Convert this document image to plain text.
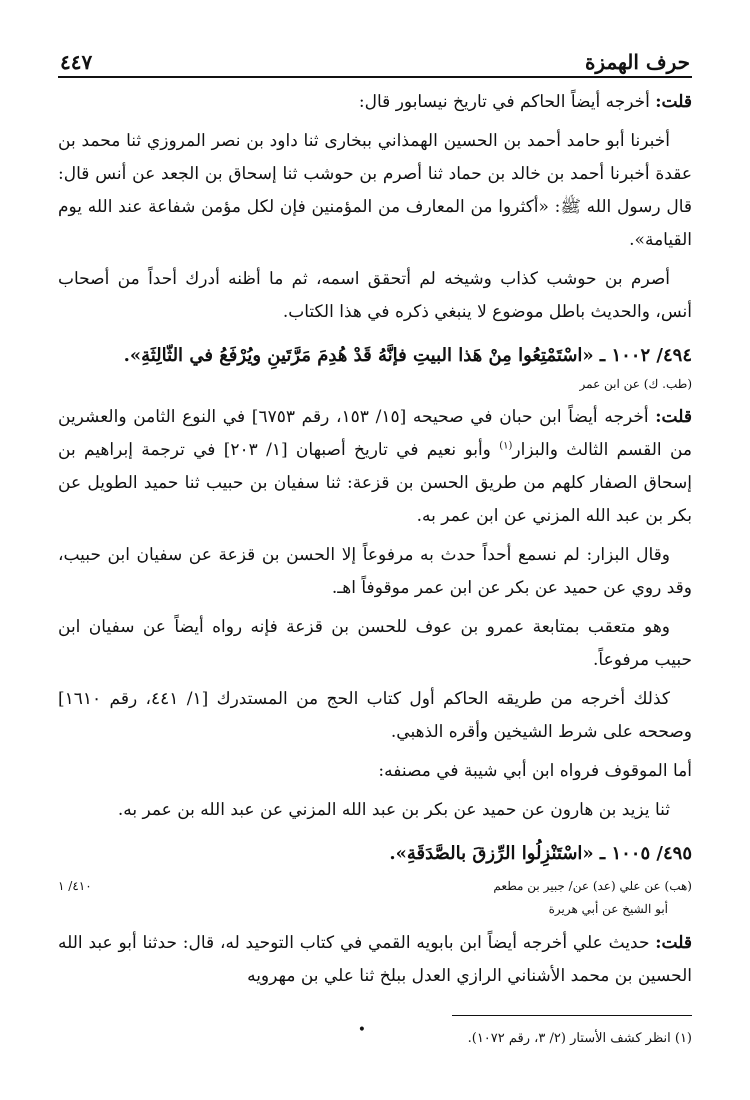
حرف الهمزة
٤٤٧

قلت: أخرجه أيضاً الحاكم في تاريخ نيسابور قال:

أخبرنا أبو حامد أحمد بن الحسين الهمذاني ببخارى ثنا داود بن نصر المروزي ثنا محمد بن عقدة أخبرنا أحمد بن خالد بن حماد ثنا أصرم بن حوشب ثنا إسحاق بن الجعد عن أنس قال: قال رسول الله ﷺ: «أكثروا من المعارف من المؤمنين فإن لكل مؤمن شفاعة عند الله يوم القيامة».

أصرم بن حوشب كذاب وشيخه لم أتحقق اسمه، ثم ما أظنه أدرك أحداً من أصحاب أنس، والحديث باطل موضوع لا ينبغي ذكره في هذا الكتاب.

٤٩٤/ ١٠٠٢ ـ «اسْتَمْتِعُوا مِنْ هَذا البيتِ فإنَّهُ قَدْ هُدِمَ مَرَّتَينِ ويُرْفَعُ في الثّالِثَةِ».

(طب. ك) عن ابن عمر

قلت: أخرجه أيضاً ابن حبان في صحيحه [١٥/ ١٥٣، رقم ٦٧٥٣] في النوع الثامن والعشرين من القسم الثالث والبزار$^{(١)}$ وأبو نعيم في تاريخ أصبهان [١/ ٢٠٣] في ترجمة إبراهيم بن إسحاق الصفار كلهم من طريق الحسن بن قزعة: ثنا سفيان بن حبيب ثنا حميد الطويل عن بكر بن عبد الله المزني عن ابن عمر به.

وقال البزار: لم نسمع أحداً حدث به مرفوعاً إلا الحسن بن قزعة عن سفيان ابن حبيب، وقد روي عن حميد عن بكر عن ابن عمر موقوفاً اهـ.

وهو متعقب بمتابعة عمرو بن عوف للحسن بن قزعة فإنه رواه أيضاً عن سفيان ابن حبيب مرفوعاً.

كذلك أخرجه من طريقه الحاكم أول كتاب الحج من المستدرك [١/ ٤٤١، رقم ١٦١٠] وصححه على شرط الشيخين وأقره الذهبي.

أما الموقوف فرواه ابن أبي شيبة في مصنفه:

ثنا يزيد بن هارون عن حميد عن بكر بن عبد الله المزني عن عبد الله بن عمر به.

٤٩٥/ ١٠٠٥ ـ «اسْتَنْزِلُوا الرِّزقَ بالصَّدَقَةِ».

(هب) عن علي (عد) عن/ جبير بن مطعم
٤١٠/ ١
أبو الشيخ عن أبي هريرة

قلت: حديث علي أخرجه أيضاً ابن بابويه القمي في كتاب التوحيد له، قال: حدثنا أبو عبد الله الحسين بن محمد الأشناني الرازي العدل ببلخ ثنا علي بن مهرويه

•
(١) انظر كشف الأستار (٢/ ٣، رقم ١٠٧٢).
